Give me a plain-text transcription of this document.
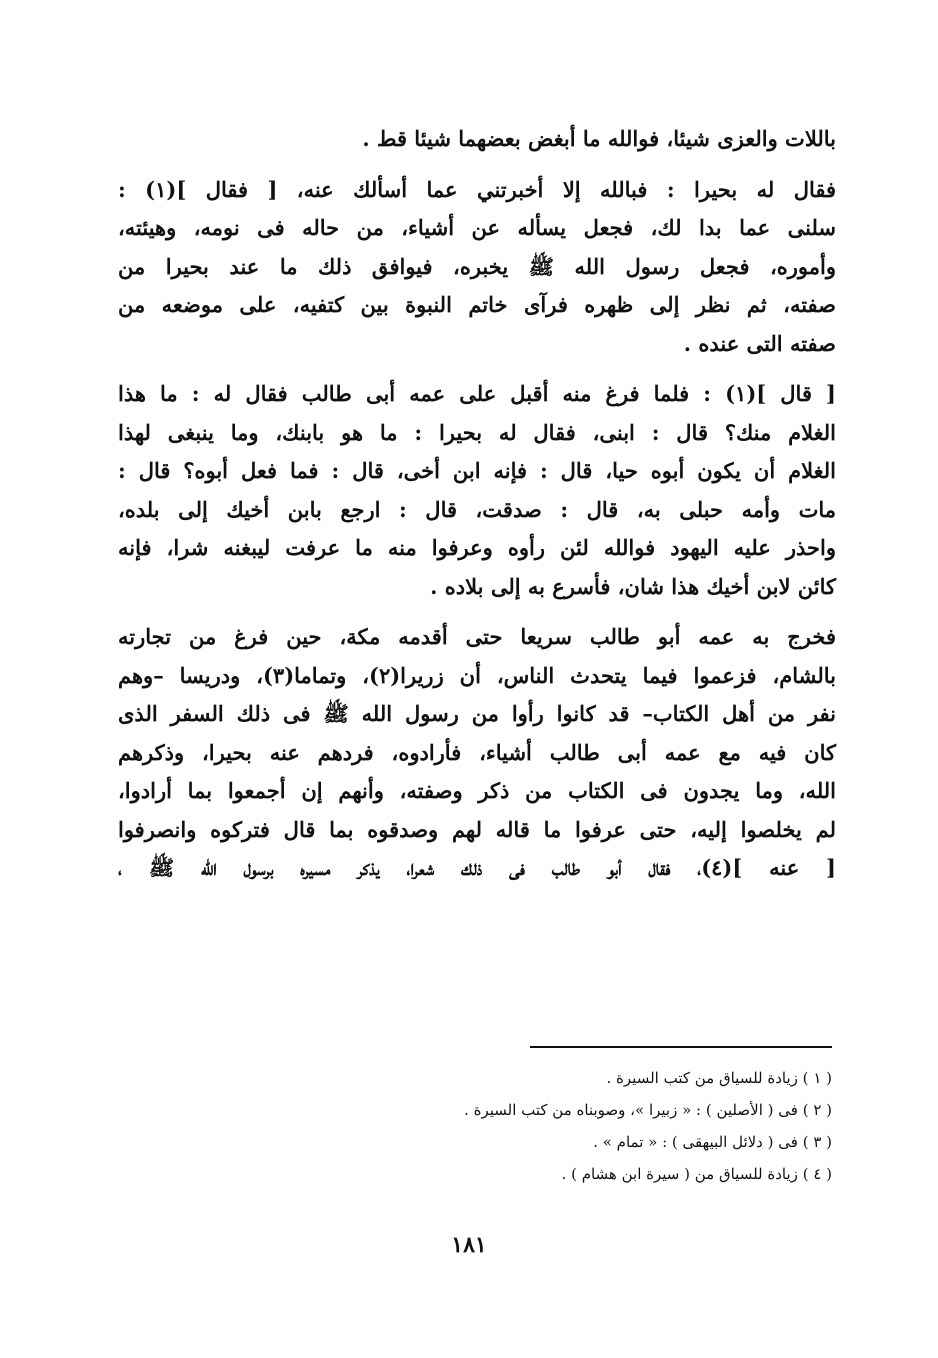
باللات والعزى شيئا، فوالله ما أبغض بعضهما شيئا قط .
فقال له بحيرا : فبالله إلا أخبرتني عما أسألك عنه، [ فقال ](١) :
سلنى عما بدا لك، فجعل يسأله عن أشياء، من حاله فى نومه، وهيئته،
وأموره، فجعل رسول الله ﷺ يخبره، فيوافق ذلك ما عند بحيرا من
صفته، ثم نظر إلى ظهره فرآى خاتم النبوة بين كتفيه، على موضعه من
صفته التى عنده .
[ قال ](١) : فلما فرغ منه أقبل على عمه أبى طالب فقال له : ما هذا
الغلام منك؟ قال : ابنى، فقال له بحيرا : ما هو بابنك، وما ينبغى لهذا
الغلام أن يكون أبوه حيا، قال : فإنه ابن أخى، قال : فما فعل أبوه؟ قال :
مات وأمه حبلى به، قال : صدقت، قال : ارجع بابن أخيك إلى بلده،
واحذر عليه اليهود فوالله لئن رأوه وعرفوا منه ما عرفت ليبغنه شرا، فإنه
كائن لابن أخيك هذا شان، فأسرع به إلى بلاده .
فخرج به عمه أبو طالب سريعا حتى أقدمه مكة، حين فرغ من تجارته
بالشام، فزعموا فيما يتحدث الناس، أن زريرا(٢)، وتماما(٣)، ودريسا –وهم
نفر من أهل الكتاب– قد كانوا رأوا من رسول الله ﷺ فى ذلك السفر الذى
كان فيه مع عمه أبى طالب أشياء، فأرادوه، فردهم عنه بحيرا، وذكرهم
الله، وما يجدون فى الكتاب من ذكر وصفته، وأنهم إن أجمعوا بما أرادوا،
لم يخلصوا إليه، حتى عرفوا ما قاله لهم وصدقوه بما قال فتركوه وانصرفوا
[ عنه ](٤)، فقال أبو طالب فى ذلك شعرا، يذكر مسيره برسول الله ﷺ ،
( ١ ) زيادة للسياق من كتب السيرة .
( ٢ ) فى ( الأصلين ) : « زبيرا »، وصوبناه من كتب السيرة .
( ٣ ) فى ( دلائل البيهقى ) : « تمام » .
( ٤ ) زيادة للسياق من ( سيرة ابن هشام ) .
١٨١
